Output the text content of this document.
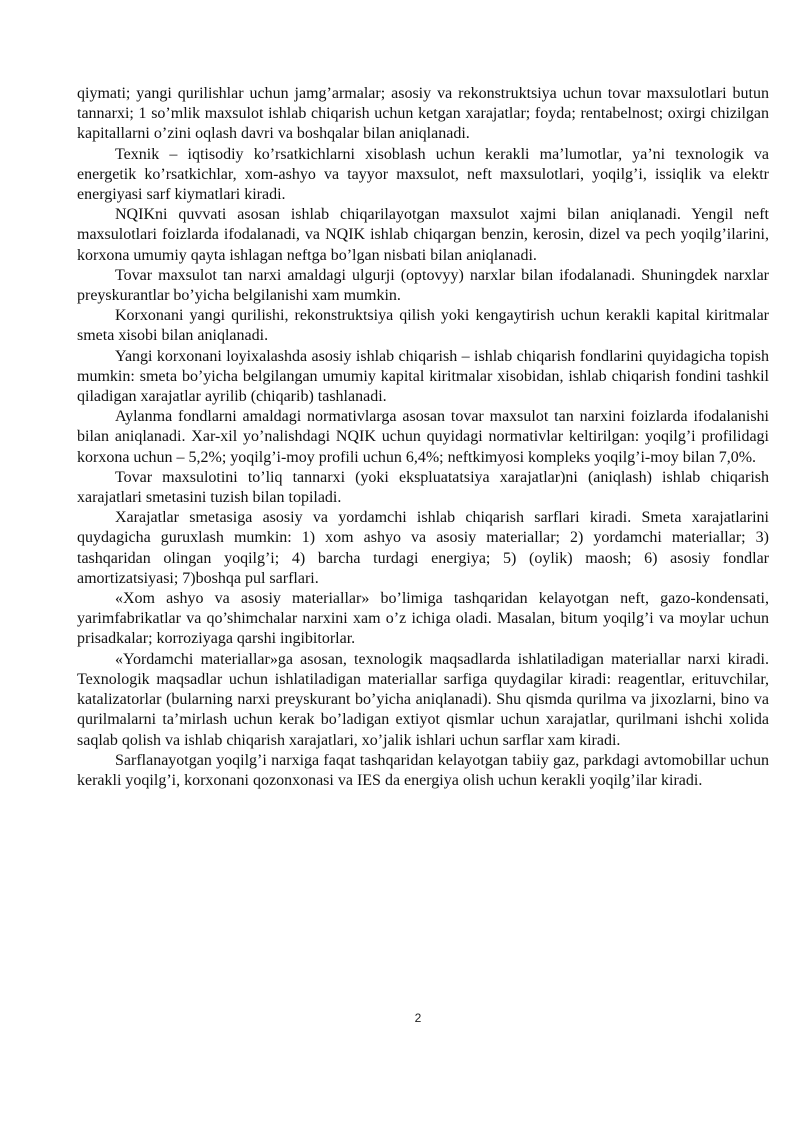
qiymati; yangi qurilishlar uchun jamg’armalar; asosiy va rekonstruktsiya uchun tovar maxsulotlari butun tannarxi; 1 so’mlik maxsulot ishlab chiqarish uchun ketgan xarajatlar; foyda; rentabelnost; oxirgi chizilgan kapitallarni o’zini oqlash davri va boshqalar bilan aniqlanadi.

Texnik – iqtisodiy ko’rsatkichlarni xisoblash uchun kerakli ma’lumotlar, ya’ni texnologik va energetik ko’rsatkichlar, xom-ashyo va tayyor maxsulot, neft maxsulotlari, yoqilg’i, issiqlik va elektr energiyasi sarf kiymatlari kiradi.

NQIKni quvvati asosan ishlab chiqarilayotgan maxsulot xajmi bilan aniqlanadi. Yengil neft maxsulotlari foizlarda ifodalanadi, va NQIK ishlab chiqargan benzin, kerosin, dizel va pech yoqilg’ilarini, korxona umumiy qayta ishlagan neftga bo’lgan nisbati bilan aniqlanadi.

Tovar maxsulot tan narxi amaldagi ulgurji (optovyy) narxlar bilan ifodalanadi. Shuningdek narxlar preyskurantlar bo’yicha belgilanishi xam mumkin.

Korxonani yangi qurilishi, rekonstruktsiya qilish yoki kengaytirish uchun kerakli kapital kiritmalar smeta xisobi bilan aniqlanadi.

Yangi korxonani loyixalashda asosiy ishlab chiqarish – ishlab chiqarish fondlarini quyidagicha topish mumkin: smeta bo’yicha belgilangan umumiy kapital kiritmalar xisobidan, ishlab chiqarish fondini tashkil qiladigan xarajatlar ayrilib (chiqarib) tashlanadi.

Aylanma fondlarni amaldagi normativlarga asosan tovar maxsulot tan narxini foizlarda ifodalanishi bilan aniqlanadi. Xar-xil yo’nalishdagi NQIK uchun quyidagi normativlar keltirilgan: yoqilg’i profilidagi korxona uchun – 5,2%; yoqilg’i-moy profili uchun 6,4%; neftkimyosi kompleks yoqilg’i-moy bilan 7,0%.

Tovar maxsulotini to’liq tannarxi (yoki ekspluatatsiya xarajatlar)ni (aniqlash) ishlab chiqarish xarajatlari smetasini tuzish bilan topiladi.

Xarajatlar smetasiga asosiy va yordamchi ishlab chiqarish sarflari kiradi. Smeta xarajatlarini quydagicha guruxlash mumkin: 1) xom ashyo va asosiy materiallar; 2) yordamchi materiallar; 3) tashqaridan olingan yoqilg’i; 4) barcha turdagi energiya; 5) (oylik) maosh; 6) asosiy fondlar amortizatsiyasi; 7)boshqa pul sarflari.

«Xom ashyo va asosiy materiallar» bo’limiga tashqaridan kelayotgan neft, gazo-kondensati, yarimfabrikatlar va qo’shimchalar narxini xam o’z ichiga oladi. Masalan, bitum yoqilg’i va moylar uchun prisadkalar; korroziyaga qarshi ingibitorlar.

«Yordamchi materiallar»ga asosan, texnologik maqsadlarda ishlatiladigan materiallar narxi kiradi. Texnologik maqsadlar uchun ishlatiladigan materiallar sarfiga quydagilar kiradi: reagentlar, erituvchilar, katalizatorlar (bularning narxi preyskurant bo’yicha aniqlanadi). Shu qismda qurilma va jixozlarni, bino va qurilmalarni ta’mirlash uchun kerak bo’ladigan extiyot qismlar uchun xarajatlar, qurilmani ishchi xolida saqlab qolish va ishlab chiqarish xarajatlari, xo’jalik ishlari uchun sarflar xam kiradi.

Sarflanayotgan yoqilg’i narxiga faqat tashqaridan kelayotgan tabiiy gaz, parkdagi avtomobillar uchun kerakli yoqilg’i, korxonani qozonxonasi va IES da energiya olish uchun kerakli yoqilg’ilar kiradi.

2
